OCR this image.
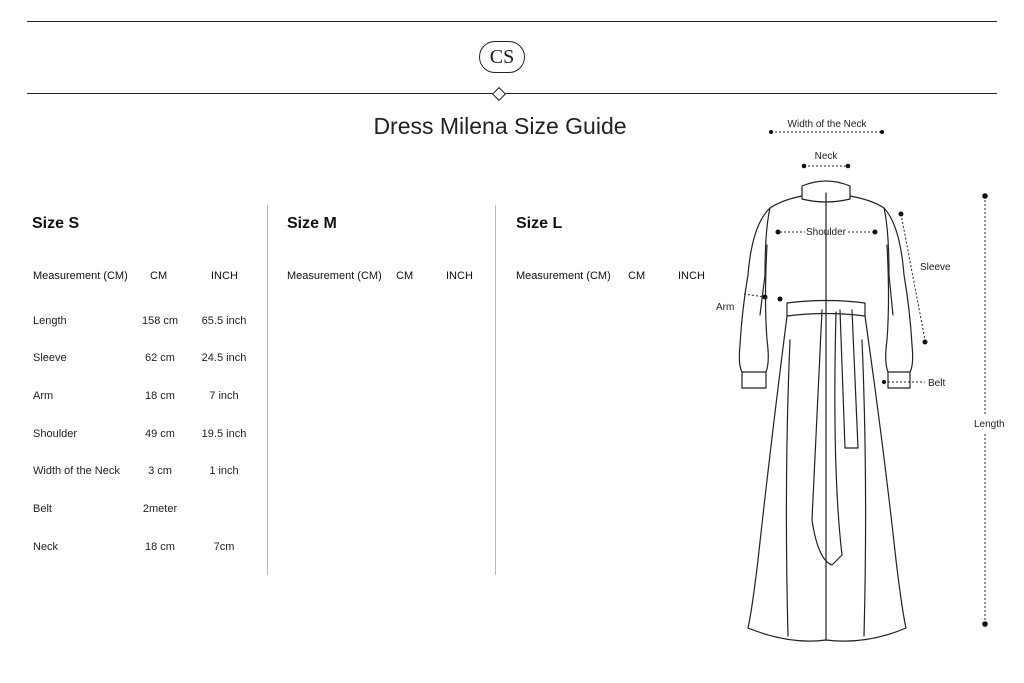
CS
Dress Milena Size Guide
Size S
Measurement (CM) CM	INCH
Length	158 cm	65.5 inch
Sleeve	62 cm	24.5 inch
Arm	18 cm	7 inch
Shoulder	49 cm	19.5 inch
Width of the Neck	3 cm	1 inch
Belt	2meter
Neck	18 cm	7cm
Size M
Measurement (CM) CM	INCH
Size L
Measurement (CM) CM	INCH
Width of the Neck
Neck
Shoulder
Sleeve
Arm
Belt
Length
